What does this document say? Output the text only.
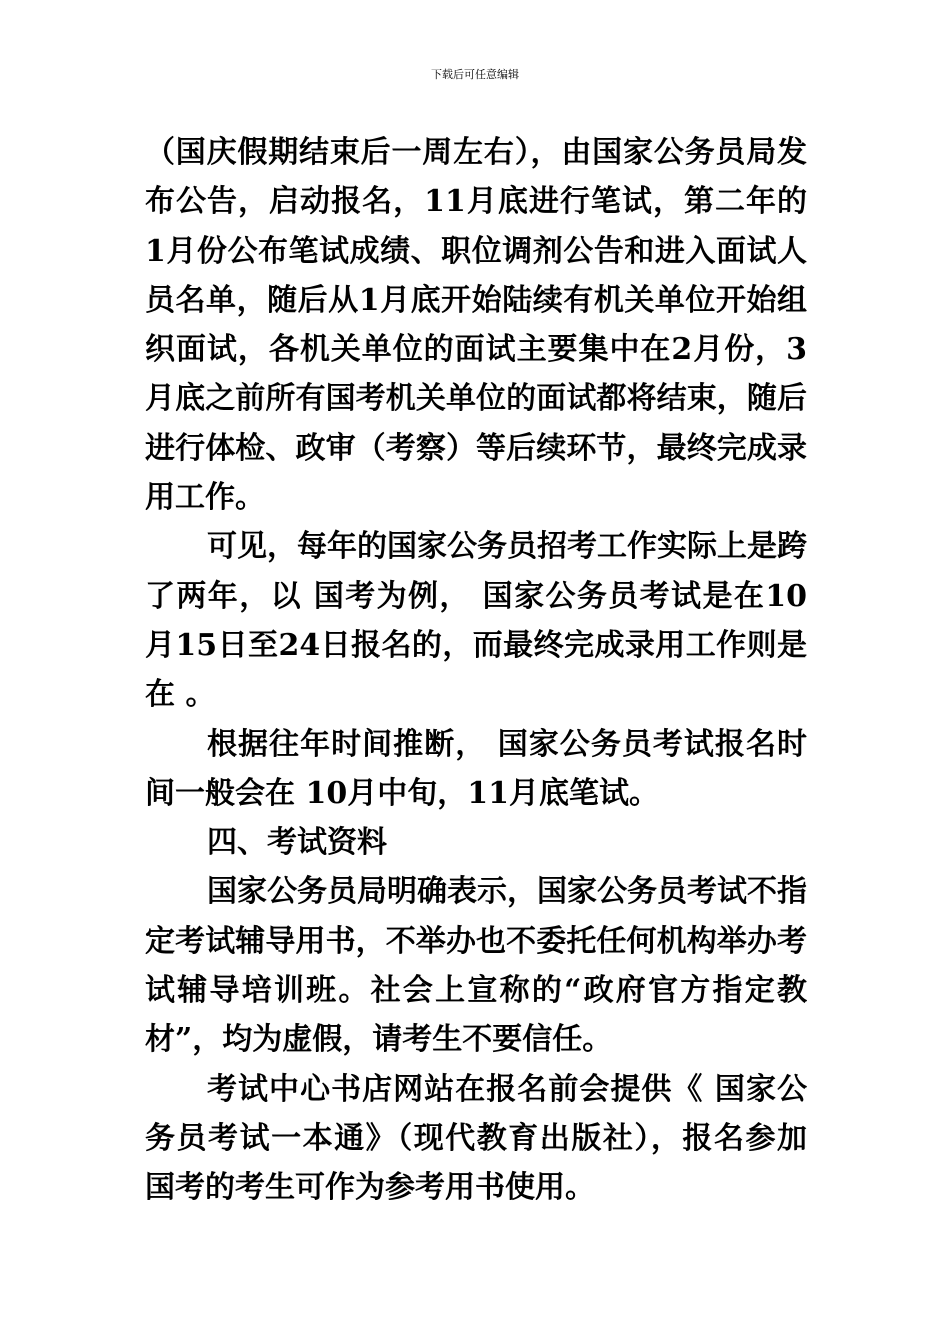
下载后可任意编辑

（国庆假期结束后一周左右），由国家公务员局发布公告，启动报名，11月底进行笔试，第二年的1月份公布笔试成绩、职位调剂公告和进入面试人员名单，随后从1月底开始陆续有机关单位开始组织面试，各机关单位的面试主要集中在2月份，3月底之前所有国考机关单位的面试都将结束，随后进行体检、政审（考察）等后续环节，最终完成录用工作。

可见，每年的国家公务员招考工作实际上是跨了两年，以 国考为例， 国家公务员考试是在10月15日至24日报名的，而最终完成录用工作则是在 。

根据往年时间推断， 国家公务员考试报名时间一般会在 10月中旬，11月底笔试。

四、考试资料

国家公务员局明确表示，国家公务员考试不指定考试辅导用书，不举办也不委托任何机构举办考试辅导培训班。社会上宣称的“政府官方指定教材”，均为虚假，请考生不要信任。

考试中心书店网站在报名前会提供《 国家公务员考试一本通》（现代教育出版社），报名参加 国考的考生可作为参考用书使用。
